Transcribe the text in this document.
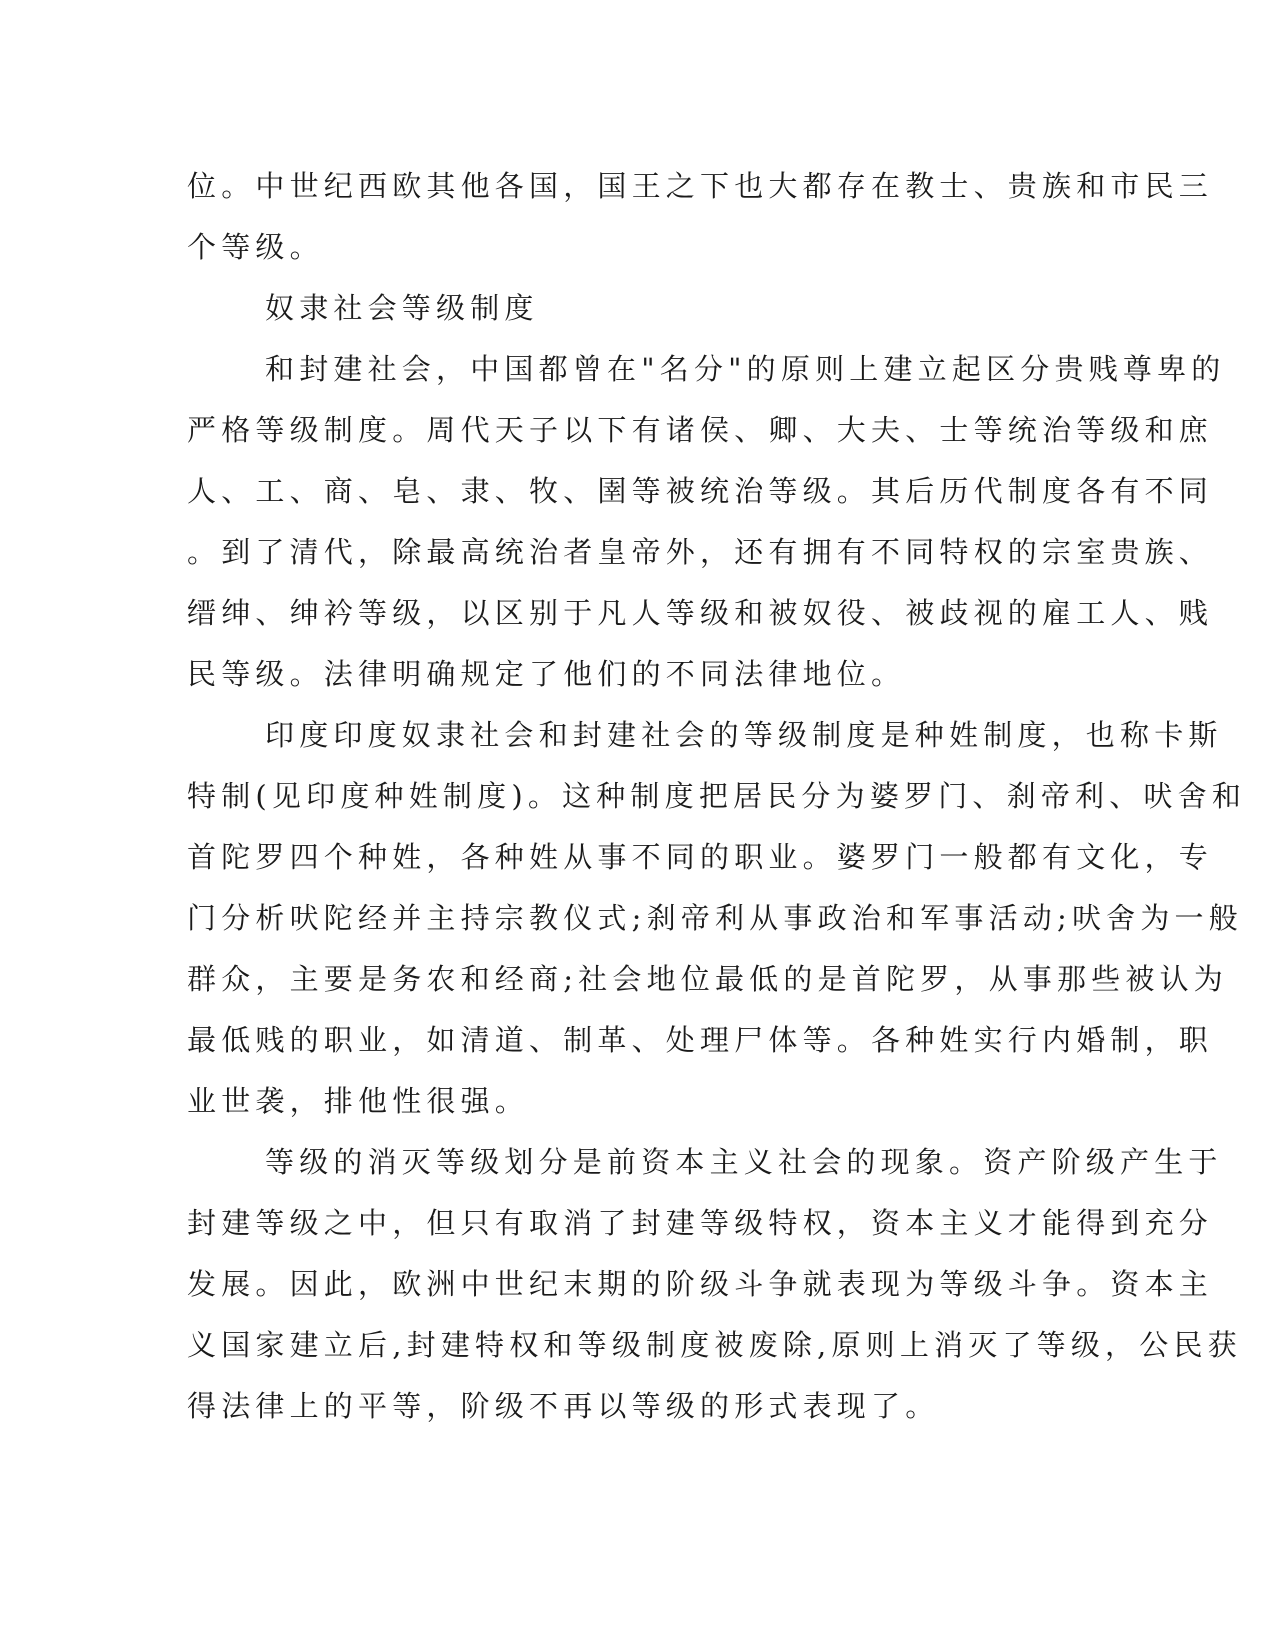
位。中世纪西欧其他各国，国王之下也大都存在教士、贵族和市民三
个等级。
奴隶社会等级制度
和封建社会，中国都曾在"名分"的原则上建立起区分贵贱尊卑的
严格等级制度。周代天子以下有诸侯、卿、大夫、士等统治等级和庶
人、工、商、皂、隶、牧、圉等被统治等级。其后历代制度各有不同
。到了清代，除最高统治者皇帝外，还有拥有不同特权的宗室贵族、
缙绅、绅衿等级，以区别于凡人等级和被奴役、被歧视的雇工人、贱
民等级。法律明确规定了他们的不同法律地位。
印度印度奴隶社会和封建社会的等级制度是种姓制度，也称卡斯
特制(见印度种姓制度)。这种制度把居民分为婆罗门、刹帝利、吠舍和
首陀罗四个种姓，各种姓从事不同的职业。婆罗门一般都有文化，专
门分析吠陀经并主持宗教仪式;刹帝利从事政治和军事活动;吠舍为一般
群众，主要是务农和经商;社会地位最低的是首陀罗，从事那些被认为
最低贱的职业，如清道、制革、处理尸体等。各种姓实行内婚制，职
业世袭，排他性很强。
等级的消灭等级划分是前资本主义社会的现象。资产阶级产生于
封建等级之中，但只有取消了封建等级特权，资本主义才能得到充分
发展。因此，欧洲中世纪末期的阶级斗争就表现为等级斗争。资本主
义国家建立后,封建特权和等级制度被废除,原则上消灭了等级，公民获
得法律上的平等，阶级不再以等级的形式表现了。
